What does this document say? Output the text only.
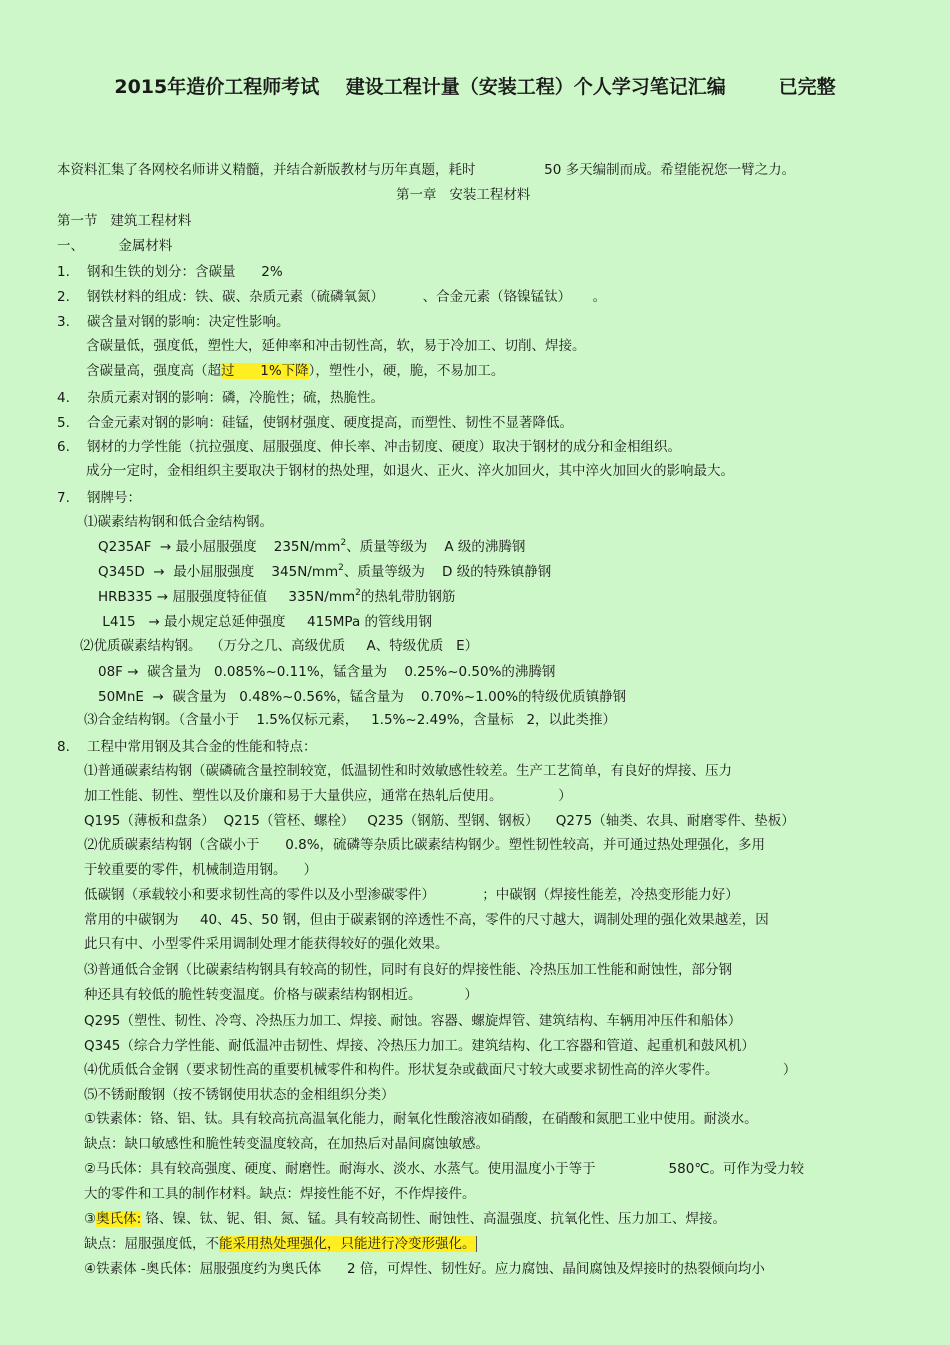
2015年造价工程师考试    建设工程计量（安装工程）个人学习笔记汇编        已完整
本资料汇集了各网校名师讲义精髓，并结合新版教材与历年真题，耗时                50 多天编制而成。希望能祝您一臂之力。
第一章   安装工程材料
第一节   建筑工程材料
一、        金属材料
1.    钢和生铁的划分：含碳量      2%
2.    钢铁材料的组成：铁、碳、杂质元素（硫磷氧氮）         、合金元素（铬镍锰钛）     。
3.    碳含量对钢的影响：决定性影响。
含碳量低，强度低，塑性大，延伸率和冲击韧性高，软，易于冷加工、切削、焊接。
含碳量高，强度高（超过      1%下降），塑性小，硬，脆，不易加工。
4.    杂质元素对钢的影响：磷，冷脆性；硫，热脆性。
5.    合金元素对钢的影响：硅锰，使钢材强度、硬度提高，而塑性、韧性不显著降低。
6.    钢材的力学性能（抗拉强度、屈服强度、伸长率、冲击韧度、硬度）取决于钢材的成分和金相组织。
成分一定时，金相组织主要取决于钢材的热处理，如退火、正火、淬火加回火，其中淬火加回火的影响最大。
7.    钢牌号：
⑴碳素结构钢和低合金结构钢。
Q235AF  → 最小屈服强度    $235N/mm^2$、质量等级为    A 级的沸腾钢
Q345D  →  最小屈服强度    $345N/mm^2$、质量等级为    D 级的特殊镇静钢
HRB335 → 屈服强度特征值     $335N/mm^2$的热轧带肋钢筋
L415   → 最小规定总延伸强度     415MPa 的管线用钢
⑵优质碳素结构钢。  （万分之几、高级优质     A、特级优质   E）
08F →  碳含量为   0.085%~0.11%，锰含量为    0.25%~0.50%的沸腾钢
50MnE  →  碳含量为   0.48%~0.56%，锰含量为    0.70%~1.00%的特级优质镇静钢
⑶合金结构钢。（含量小于    1.5%仅标元素，   1.5%~2.49%，含量标   2，以此类推）
8.    工程中常用钢及其合金的性能和特点：
⑴普通碳素结构钢（碳磷硫含量控制较宽，低温韧性和时效敏感性较差。生产工艺简单，有良好的焊接、压力
加工性能、韧性、塑性以及价廉和易于大量供应，通常在热轧后使用。             ）
Q195（薄板和盘条）  Q215（管柸、螺栓）   Q235（钢筋、型钢、钢板）    Q275（轴类、农具、耐磨零件、垫板）
⑵优质碳素结构钢（含碳小于      0.8%，硫磷等杂质比碳素结构钢少。塑性韧性较高，并可通过热处理强化，多用
于较重要的零件，机械制造用钢。    ）
低碳钢（承载较小和要求韧性高的零件以及小型渗碳零件）           ；中碳钢（焊接性能差，冷热变形能力好）
常用的中碳钢为     40、45、50 钢，但由于碳素钢的淬透性不高，零件的尺寸越大，调制处理的强化效果越差，因
此只有中、小型零件采用调制处理才能获得较好的强化效果。
⑶普通低合金钢（比碳素结构钢具有较高的韧性，同时有良好的焊接性能、冷热压加工性能和耐蚀性，部分钢
种还具有较低的脆性转变温度。价格与碳素结构钢相近。          ）
Q295（塑性、韧性、冷弯、冷热压力加工、焊接、耐蚀。容器、螺旋焊管、建筑结构、车辆用冲压件和船体）
Q345（综合力学性能、耐低温冲击韧性、焊接、冷热压力加工。建筑结构、化工容器和管道、起重机和鼓风机）
⑷优质低合金钢（要求韧性高的重要机械零件和构件。形状复杂或截面尺寸较大或要求韧性高的淬火零件。               ）
⑸不锈耐酸钢（按不锈钢使用状态的金相组织分类）
①铁素体：铬、铝、钛。具有较高抗高温氧化能力，耐氧化性酸溶液如硝酸，在硝酸和氮肥工业中使用。耐淡水。
缺点：缺口敏感性和脆性转变温度较高，在加热后对晶间腐蚀敏感。
②马氏体：具有较高强度、硬度、耐磨性。耐海水、淡水、水蒸气。使用温度小于等于                 580℃。可作为受力较
大的零件和工具的制作材料。缺点：焊接性能不好，不作焊接件。
③奥氏体: 铬、镍、钛、铌、钼、氮、锰。具有较高韧性、耐蚀性、高温强度、抗氧化性、压力加工、焊接。
缺点：屈服强度低，不能采用热处理强化，只能进行冷变形强化。
④铁素体 -奥氏体：屈服强度约为奥氏体      2 倍，可焊性、韧性好。应力腐蚀、晶间腐蚀及焊接时的热裂倾向均小
